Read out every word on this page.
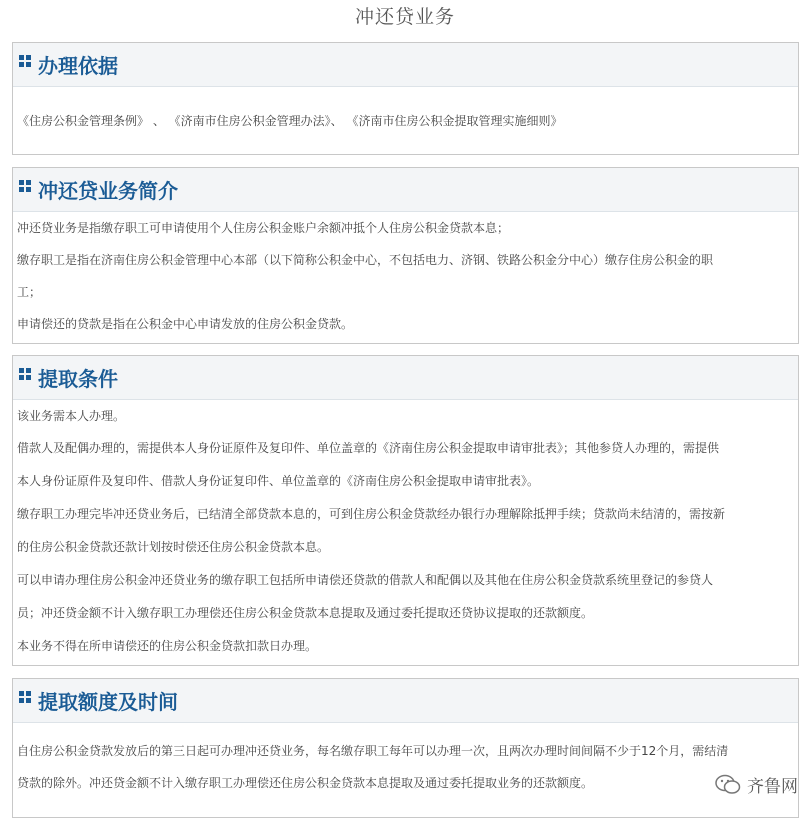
冲还贷业务
办理依据
《住房公积金管理条例》 、 《济南市住房公积金管理办法》、 《济南市住房公积金提取管理实施细则》
冲还贷业务简介
冲还贷业务是指缴存职工可申请使用个人住房公积金账户余额冲抵个人住房公积金贷款本息；
缴存职工是指在济南住房公积金管理中心本部（以下简称公积金中心，不包括电力、济钢、铁路公积金分中心）缴存住房公积金的职
工；
申请偿还的贷款是指在公积金中心申请发放的住房公积金贷款。
提取条件
该业务需本人办理。
借款人及配偶办理的，需提供本人身份证原件及复印件、单位盖章的《济南住房公积金提取申请审批表》；其他参贷人办理的，需提供
本人身份证原件及复印件、借款人身份证复印件、单位盖章的《济南住房公积金提取申请审批表》。
缴存职工办理完毕冲还贷业务后，已结清全部贷款本息的，可到住房公积金贷款经办银行办理解除抵押手续；贷款尚未结清的，需按新
的住房公积金贷款还款计划按时偿还住房公积金贷款本息。
可以申请办理住房公积金冲还贷业务的缴存职工包括所申请偿还贷款的借款人和配偶以及其他在住房公积金贷款系统里登记的参贷人
员；冲还贷金额不计入缴存职工办理偿还住房公积金贷款本息提取及通过委托提取还贷协议提取的还款额度。
本业务不得在所申请偿还的住房公积金贷款扣款日办理。
提取额度及时间
自住房公积金贷款发放后的第三日起可办理冲还贷业务，每名缴存职工每年可以办理一次，且两次办理时间间隔不少于12个月，需结清
贷款的除外。冲还贷金额不计入缴存职工办理偿还住房公积金贷款本息提取及通过委托提取业务的还款额度。	齐鲁网
